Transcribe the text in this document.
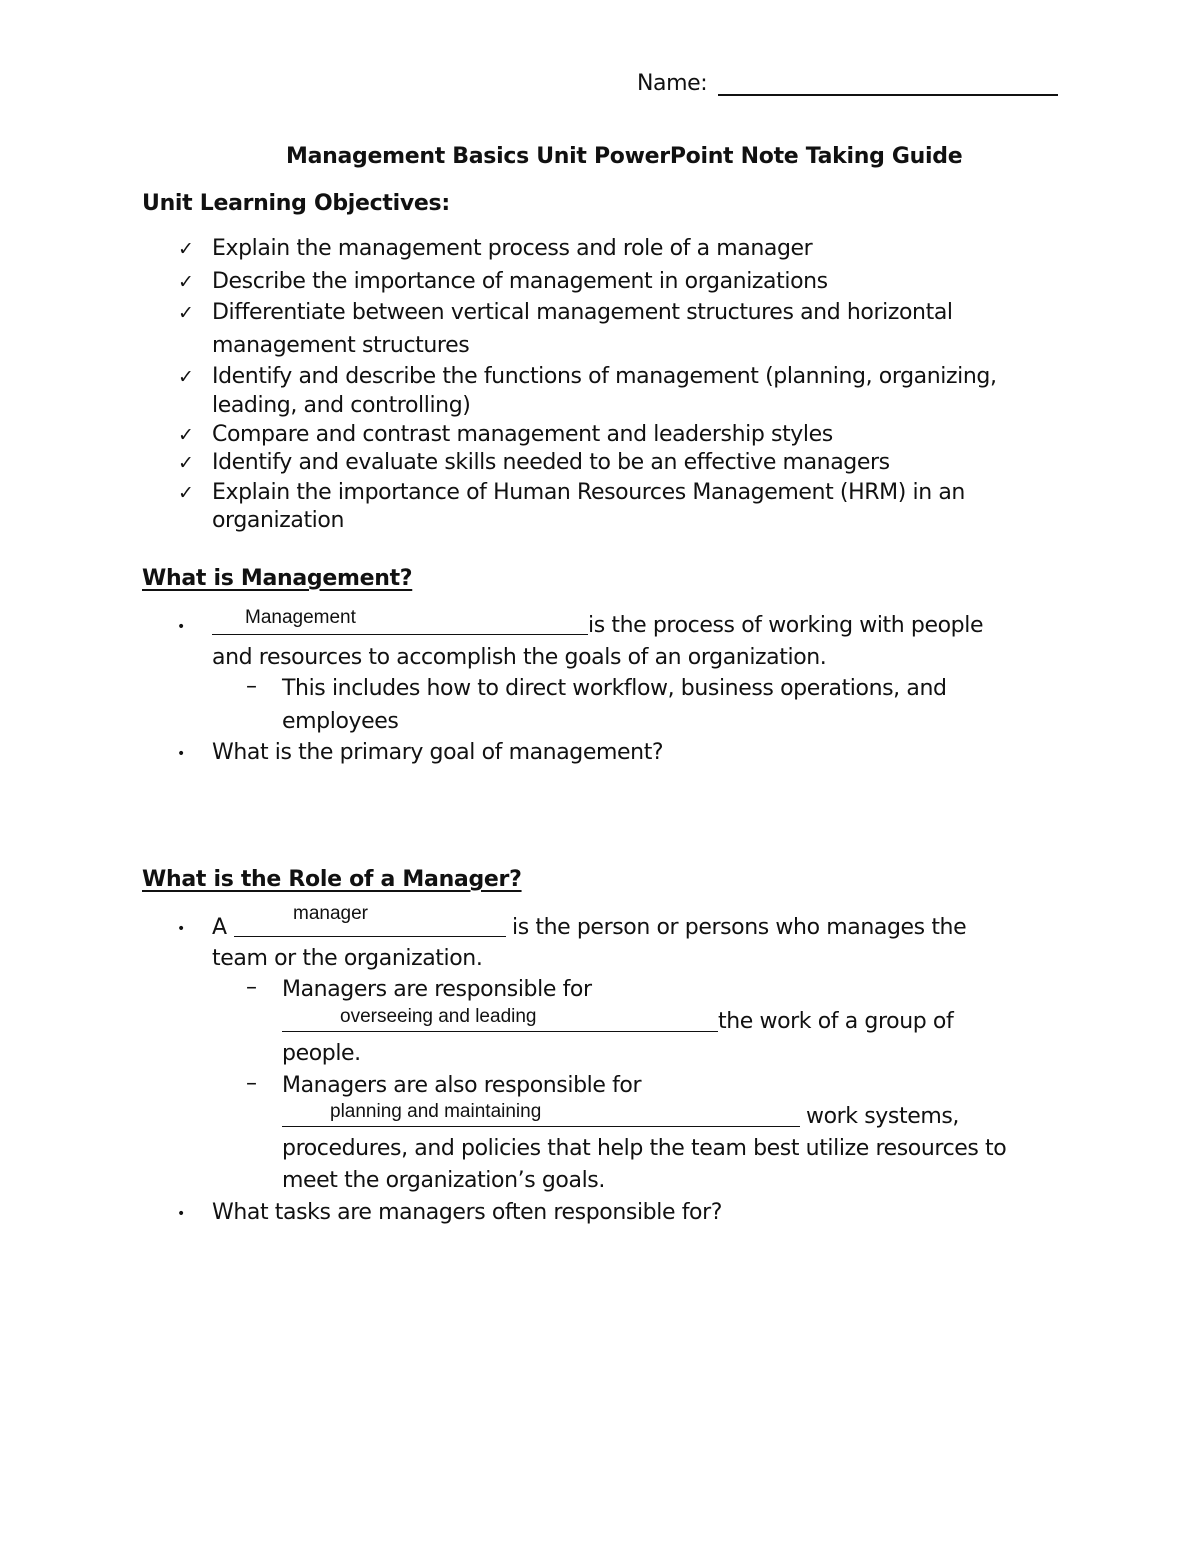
Name:
Management Basics Unit PowerPoint Note Taking Guide
Unit Learning Objectives:
✓ Explain the management process and role of a manager
✓ Describe the importance of management in organizations
✓ Differentiate between vertical management structures and horizontal
management structures
✓ Identify and describe the functions of management (planning, organizing,
leading, and controlling)
✓ Compare and contrast management and leadership styles
✓ Identify and evaluate skills needed to be an effective managers
✓ Explain the importance of Human Resources Management (HRM) in an
organization
What is Management?
•	Management	is the process of working with people
and resources to accomplish the goals of an organization.
– This includes how to direct workflow, business operations, and
employees
• What is the primary goal of management?
What is the Role of a Manager?
• A
manager
is the person or persons who manages the
team or the organization.
– Managers are responsible for
overseeing and leading	the work of a group of
people.
– Managers are also responsible for
planning and maintaining	work systems,
procedures, and policies that help the team best utilize resources to
meet the organization’s goals.
• What tasks are managers often responsible for?
